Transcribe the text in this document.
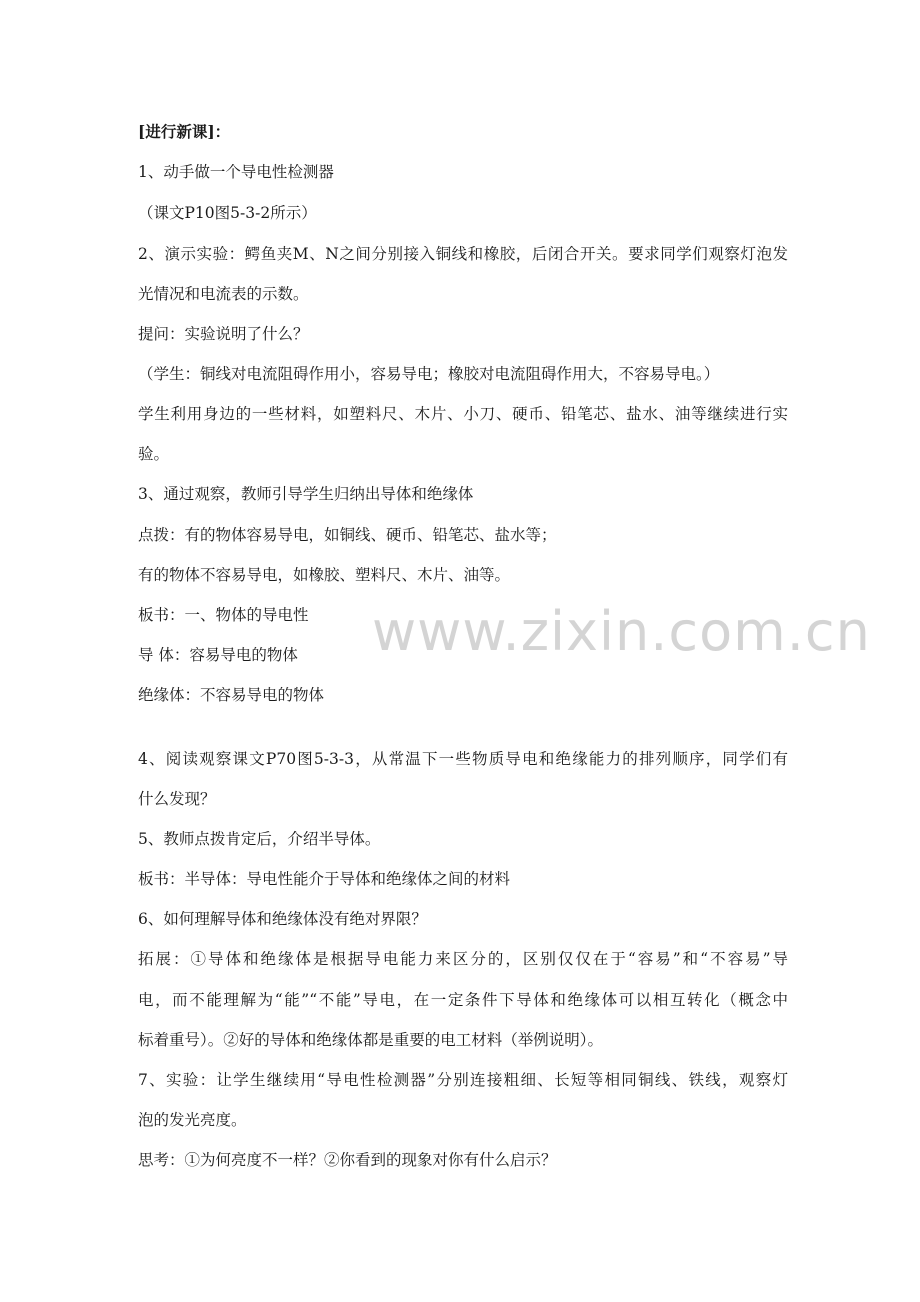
www.zixin.com.cn
[进行新课]：
1、动手做一个导电性检测器
（课文P10图5-3-2所示）
2、演示实验：鳄鱼夹M、N之间分别接入铜线和橡胶，后闭合开关。要求同学们观察灯泡发
光情况和电流表的示数。
提问：实验说明了什么？
（学生：铜线对电流阻碍作用小，容易导电；橡胶对电流阻碍作用大，不容易导电。）
学生利用身边的一些材料，如塑料尺、木片、小刀、硬币、铅笔芯、盐水、油等继续进行实
验。
3、通过观察，教师引导学生归纳出导体和绝缘体
点拨：有的物体容易导电，如铜线、硬币、铅笔芯、盐水等；
有的物体不容易导电，如橡胶、塑料尺、木片、油等。
板书：一、物体的导电性
导 体：容易导电的物体
绝缘体：不容易导电的物体
4、阅读观察课文P70图5-3-3，从常温下一些物质导电和绝缘能力的排列顺序，同学们有
什么发现？
5、教师点拨肯定后，介绍半导体。
板书：半导体：导电性能介于导体和绝缘体之间的材料
6、如何理解导体和绝缘体没有绝对界限？
拓展：①导体和绝缘体是根据导电能力来区分的，区别仅仅在于“容易”和“不容易”导
电，而不能理解为“能”“不能”导电，在一定条件下导体和绝缘体可以相互转化（概念中
标着重号）。②好的导体和绝缘体都是重要的电工材料（举例说明）。
7、实验：让学生继续用“导电性检测器”分别连接粗细、长短等相同铜线、铁线，观察灯
泡的发光亮度。
思考：①为何亮度不一样？②你看到的现象对你有什么启示？
